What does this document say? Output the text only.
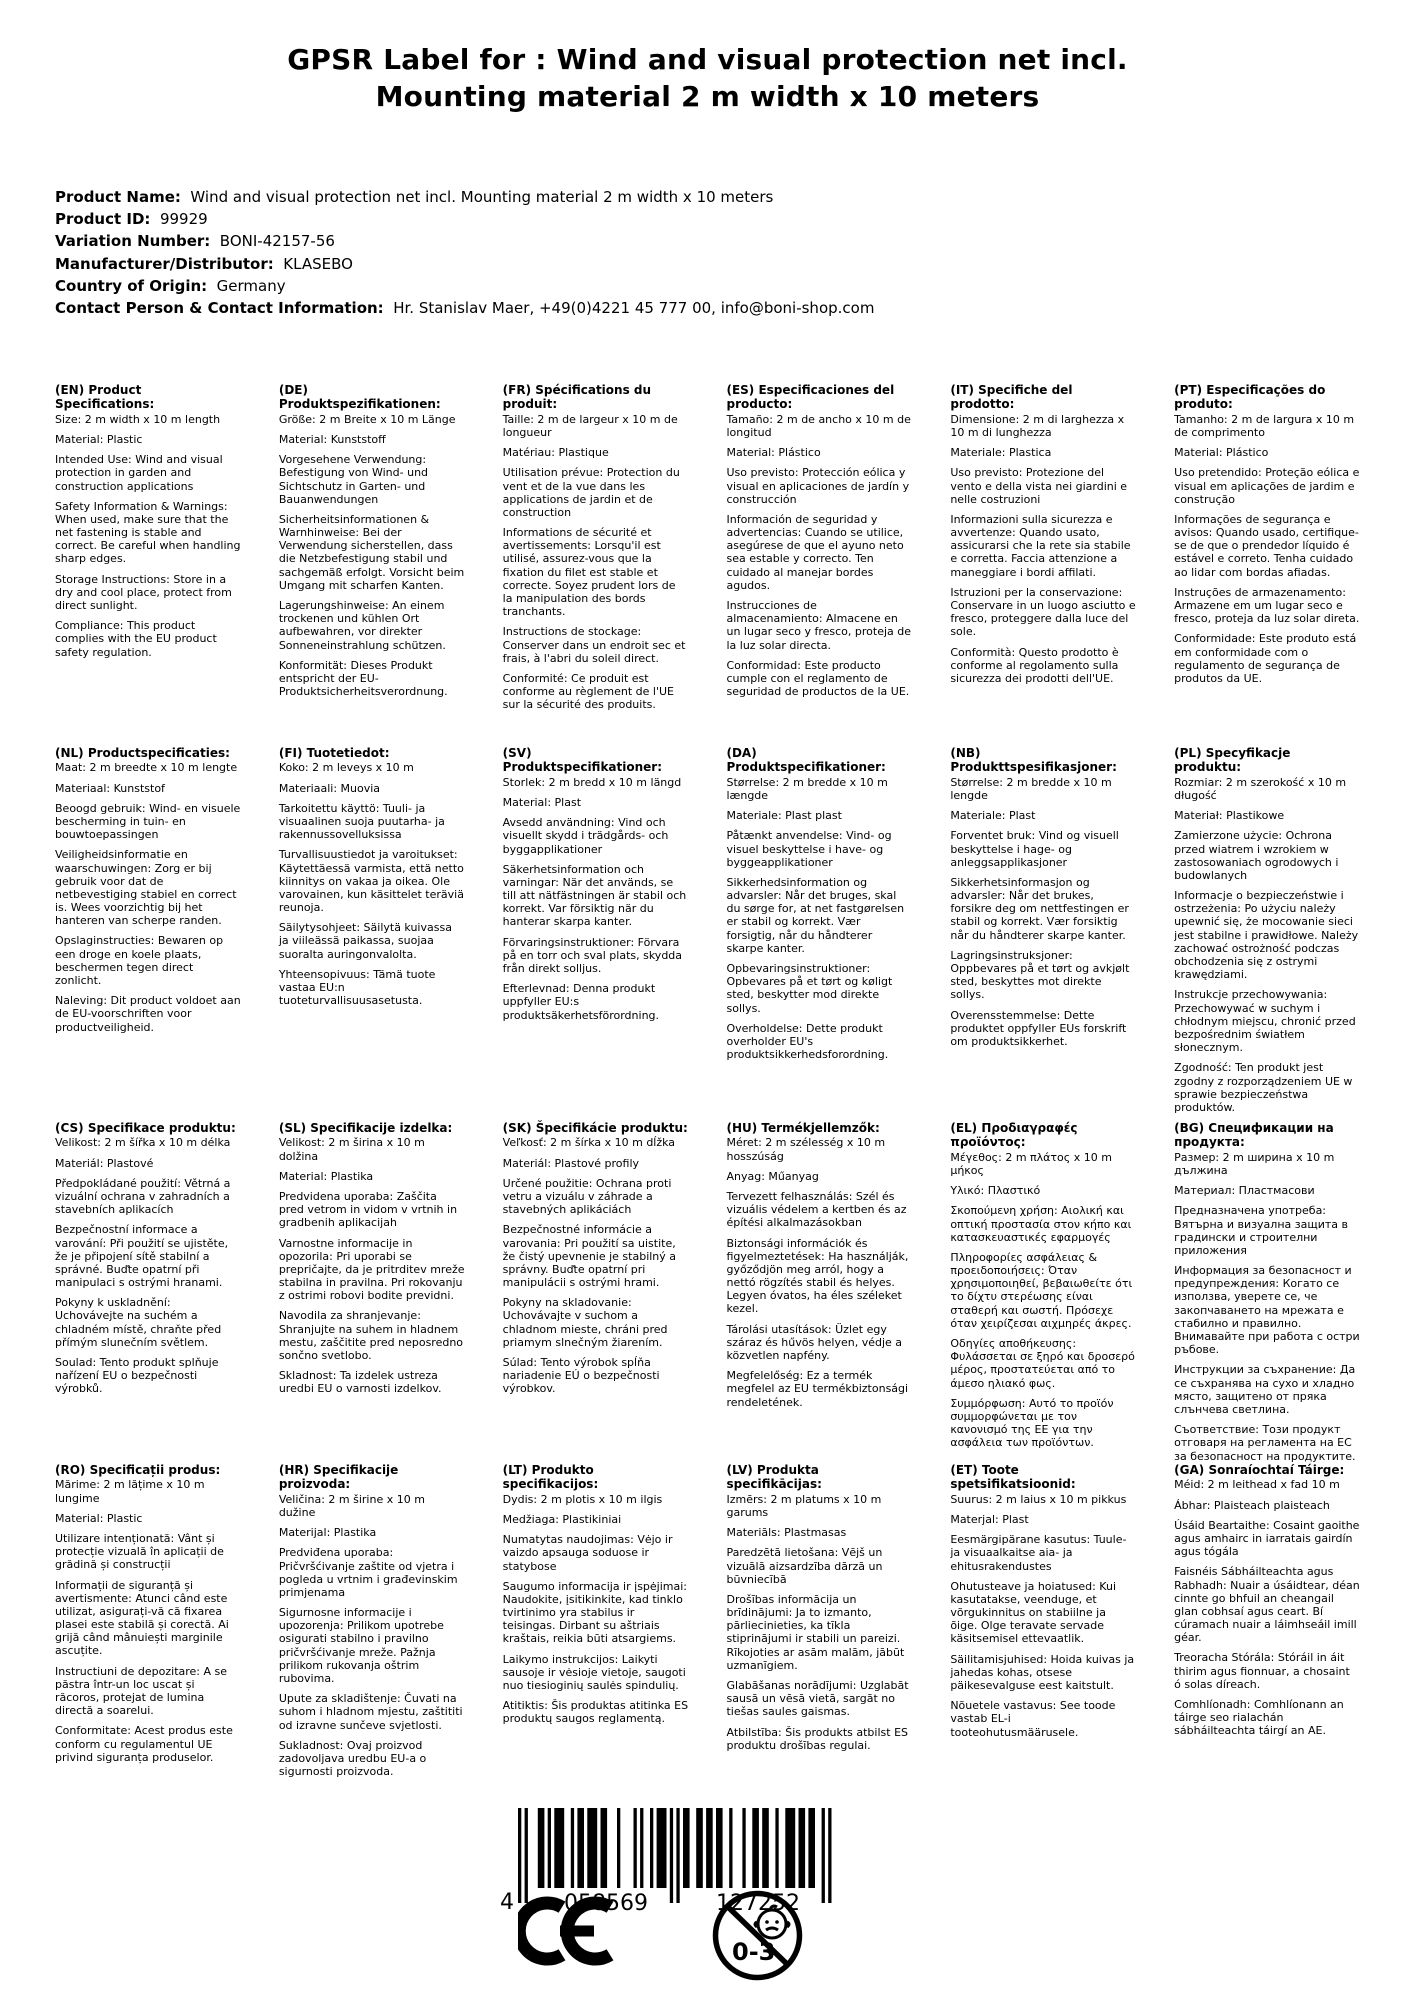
GPSR Label for : Wind and visual protection net incl. Mounting material 2 m width x 10 meters
Product Name:  Wind and visual protection net incl. Mounting material 2 m width x 10 meters
Product ID:  99929
Variation Number:  BONI-42157-56
Manufacturer/Distributor:  KLASEBO
Country of Origin:  Germany
Contact Person & Contact Information:  Hr. Stanislav Maer, +49(0)4221 45 777 00, info@boni-shop.com
(EN) Product Specifications:
Size: 2 m width x 10 m length
Material: Plastic
Intended Use: Wind and visual protection in garden and construction applications
Safety Information & Warnings: When used, make sure that the net fastening is stable and correct. Be careful when handling sharp edges.
Storage Instructions: Store in a dry and cool place, protect from direct sunlight.
Compliance: This product complies with the EU product safety regulation.
(DE) Produktspezifikationen:
Größe: 2 m Breite x 10 m Länge
Material: Kunststoff
Vorgesehene Verwendung: Befestigung von Wind- und Sichtschutz in Garten- und Bauanwendungen
Sicherheitsinformationen & Warnhinweise: Bei der Verwendung sicherstellen, dass die Netzbefestigung stabil und sachgemäß erfolgt. Vorsicht beim Umgang mit scharfen Kanten.
Lagerungshinweise: An einem trockenen und kühlen Ort aufbewahren, vor direkter Sonneneinstrahlung schützen.
Konformität: Dieses Produkt entspricht der EU-Produktsicherheitsverordnung.
(FR) Spécifications du produit:
Taille: 2 m de largeur x 10 m de longueur
Matériau: Plastique
Utilisation prévue: Protection du vent et de la vue dans les applications de jardin et de construction
Informations de sécurité et avertissements: Lorsqu'il est utilisé, assurez-vous que la fixation du filet est stable et correcte. Soyez prudent lors de la manipulation des bords tranchants.
Instructions de stockage: Conserver dans un endroit sec et frais, à l'abri du soleil direct.
Conformité: Ce produit est conforme au règlement de l'UE sur la sécurité des produits.
(ES) Especificaciones del producto:
Tamaño: 2 m de ancho x 10 m de longitud
Material: Plástico
Uso previsto: Protección eólica y visual en aplicaciones de jardín y construcción
Información de seguridad y advertencias: Cuando se utilice, asegúrese de que el ayuno neto sea estable y correcto. Ten cuidado al manejar bordes agudos.
Instrucciones de almacenamiento: Almacene en un lugar seco y fresco, proteja de la luz solar directa.
Conformidad: Este producto cumple con el reglamento de seguridad de productos de la UE.
(IT) Specifiche del prodotto:
Dimensione: 2 m di larghezza x 10 m di lunghezza
Materiale: Plastica
Uso previsto: Protezione del vento e della vista nei giardini e nelle costruzioni
Informazioni sulla sicurezza e avvertenze: Quando usato, assicurarsi che la rete sia stabile e corretta. Faccia attenzione a maneggiare i bordi affilati.
Istruzioni per la conservazione: Conservare in un luogo asciutto e fresco, proteggere dalla luce del sole.
Conformità: Questo prodotto è conforme al regolamento sulla sicurezza dei prodotti dell'UE.
(PT) Especificações do produto:
Tamanho: 2 m de largura x 10 m de comprimento
Material: Plástico
Uso pretendido: Proteção eólica e visual em aplicações de jardim e construção
Informações de segurança e avisos: Quando usado, certifique-se de que o prendedor líquido é estável e correto. Tenha cuidado ao lidar com bordas afiadas.
Instruções de armazenamento: Armazene em um lugar seco e fresco, proteja da luz solar direta.
Conformidade: Este produto está em conformidade com o regulamento de segurança de produtos da UE.
(NL) Productspecificaties:
Maat: 2 m breedte x 10 m lengte
Materiaal: Kunststof
Beoogd gebruik: Wind- en visuele bescherming in tuin- en bouwtoepassingen
Veiligheidsinformatie en waarschuwingen: Zorg er bij gebruik voor dat de netbevestiging stabiel en correct is. Wees voorzichtig bij het hanteren van scherpe randen.
Opslaginstructies: Bewaren op een droge en koele plaats, beschermen tegen direct zonlicht.
Naleving: Dit product voldoet aan de EU-voorschriften voor productveiligheid.
(FI) Tuotetiedot:
Koko: 2 m leveys x 10 m
Materiaali: Muovia
Tarkoitettu käyttö: Tuuli- ja visuaalinen suoja puutarha- ja rakennussovelluksissa
Turvallisuustiedot ja varoitukset: Käytettäessä varmista, että netto kiinnitys on vakaa ja oikea. Ole varovainen, kun käsittelet teräviä reunoja.
Säilytysohjeet: Säilytä kuivassa ja viileässä paikassa, suojaa suoralta auringonvalolta.
Yhteensopivuus: Tämä tuote vastaa EU:n tuoteturvallisuusasetusta.
(SV) Produktspecifikationer:
Storlek: 2 m bredd x 10 m längd
Material: Plast
Avsedd användning: Vind och visuellt skydd i trädgårds- och byggapplikationer
Säkerhetsinformation och varningar: När det används, se till att nätfästningen är stabil och korrekt. Var försiktig när du hanterar skarpa kanter.
Förvaringsinstruktioner: Förvara på en torr och sval plats, skydda från direkt solljus.
Efterlevnad: Denna produkt uppfyller EU:s produktsäkerhetsförordning.
(DA) Produktspecifikationer:
Størrelse: 2 m bredde x 10 m længde
Materiale: Plast plast
Påtænkt anvendelse: Vind- og visuel beskyttelse i have- og byggeapplikationer
Sikkerhedsinformation og advarsler: Når det bruges, skal du sørge for, at net fastgørelsen er stabil og korrekt. Vær forsigtig, når du håndterer skarpe kanter.
Opbevaringsinstruktioner: Opbevares på et tørt og køligt sted, beskytter mod direkte sollys.
Overholdelse: Dette produkt overholder EU's produktsikkerhedsforordning.
(NB) Produkttspesifikasjoner:
Størrelse: 2 m bredde x 10 m lengde
Materiale: Plast
Forventet bruk: Vind og visuell beskyttelse i hage- og anleggsapplikasjoner
Sikkerhetsinformasjon og advarsler: Når det brukes, forsikre deg om nettfestingen er stabil og korrekt. Vær forsiktig når du håndterer skarpe kanter.
Lagringsinstruksjoner: Oppbevares på et tørt og avkjølt sted, beskyttes mot direkte sollys.
Overensstemmelse: Dette produktet oppfyller EUs forskrift om produktsikkerhet.
(PL) Specyfikacje produktu:
Rozmiar: 2 m szerokość x 10 m długość
Materiał: Plastikowe
Zamierzone użycie: Ochrona przed wiatrem i wzrokiem w zastosowaniach ogrodowych i budowlanych
Informacje o bezpieczeństwie i ostrzeżenia: Po użyciu należy upewnić się, że mocowanie sieci jest stabilne i prawidłowe. Należy zachować ostrożność podczas obchodzenia się z ostrymi krawędziami.
Instrukcje przechowywania: Przechowywać w suchym i chłodnym miejscu, chronić przed bezpośrednim światłem słonecznym.
Zgodność: Ten produkt jest zgodny z rozporządzeniem UE w sprawie bezpieczeństwa produktów.
(CS) Specifikace produktu:
Velikost: 2 m šířka x 10 m délka
Materiál: Plastové
Předpokládané použití: Větrná a vizuální ochrana v zahradních a stavebních aplikacích
Bezpečnostní informace a varování: Při použití se ujistěte, že je připojení sítě stabilní a správné. Buďte opatrní při manipulaci s ostrými hranami.
Pokyny k uskladnění: Uchovávejte na suchém a chladném místě, chraňte před přímým slunečním světlem.
Soulad: Tento produkt splňuje nařízení EU o bezpečnosti výrobků.
(SL) Specifikacije izdelka:
Velikost: 2 m širina x 10 m dolžina
Material: Plastika
Predvidena uporaba: Zaščita pred vetrom in vidom v vrtnih in gradbenih aplikacijah
Varnostne informacije in opozorila: Pri uporabi se prepričajte, da je pritrditev mreže stabilna in pravilna. Pri rokovanju z ostrimi robovi bodite previdni.
Navodila za shranjevanje: Shranjujte na suhem in hladnem mestu, zaščitite pred neposredno sončno svetlobo.
Skladnost: Ta izdelek ustreza uredbi EU o varnosti izdelkov.
(SK) Špecifikácie produktu:
Veľkosť: 2 m šírka x 10 m dĺžka
Materiál: Plastové profily
Určené použitie: Ochrana proti vetru a vizuálu v záhrade a stavebných aplikáciách
Bezpečnostné informácie a varovania: Pri použití sa uistite, že čistý upevnenie je stabilný a správny. Buďte opatrní pri manipulácii s ostrými hrami.
Pokyny na skladovanie: Uchovávajte v suchom a chladnom mieste, chráni pred priamym slnečným žiarením.
Súlad: Tento výrobok spĺňa nariadenie EÚ o bezpečnosti výrobkov.
(HU) Termékjellemzők:
Méret: 2 m szélesség x 10 m hosszúság
Anyag: Műanyag
Tervezett felhasználás: Szél és vizuális védelem a kertben és az építési alkalmazásokban
Biztonsági információk és figyelmeztetések: Ha használják, győződjön meg arról, hogy a nettó rögzítés stabil és helyes. Legyen óvatos, ha éles széleket kezel.
Tárolási utasítások: Üzlet egy száraz és hűvös helyen, védje a közvetlen napfény.
Megfelelőség: Ez a termék megfelel az EU termékbiztonsági rendeletének.
(EL) Προδιαγραφές προϊόντος:
Μέγεθος: 2 m πλάτος x 10 m μήκος
Υλικό: Πλαστικό
Σκοπούμενη χρήση: Αιολική και οπτική προστασία στον κήπο και κατασκευαστικές εφαρμογές
Πληροφορίες ασφάλειας & προειδοποιήσεις: Όταν χρησιμοποιηθεί, βεβαιωθείτε ότι το δίχτυ στερέωσης είναι σταθερή και σωστή. Πρόσεχε όταν χειρίζεσαι αιχμηρές άκρες.
Οδηγίες αποθήκευσης: Φυλάσσεται σε ξηρό και δροσερό μέρος, προστατεύεται από το άμεσο ηλιακό φως.
Συμμόρφωση: Αυτό το προϊόν συμμορφώνεται με τον κανονισμό της ΕΕ για την ασφάλεια των προϊόντων.
(BG) Спецификации на продукта:
Размер: 2 m ширина x 10 m дължина
Материал: Пластмасови
Предназначена употреба: Вятърна и визуална защита в градински и строителни приложения
Информация за безопасност и предупреждения: Когато се използва, уверете се, че закопчаването на мрежата е стабилно и правилно. Внимавайте при работа с остри ръбове.
Инструкции за съхранение: Да се съхранява на сухо и хладно място, защитено от пряка слънчева светлина.
Съответствие: Този продукт отговаря на регламента на ЕС за безопасност на продуктите.
(RO) Specificații produs:
Mărime: 2 m lățime x 10 m lungime
Material: Plastic
Utilizare intenționată: Vânt și protecție vizuală în aplicații de grădină și construcții
Informații de siguranță și avertismente: Atunci când este utilizat, asigurați-vă că fixarea plasei este stabilă și corectă. Ai grijă când mânuiești marginile ascuțite.
Instructiuni de depozitare: A se păstra într-un loc uscat și răcoros, protejat de lumina directă a soarelui.
Conformitate: Acest produs este conform cu regulamentul UE privind siguranța produselor.
(HR) Specifikacije proizvoda:
Veličina: 2 m širine x 10 m dužine
Materijal: Plastika
Predviđena uporaba: Pričvršćivanje zaštite od vjetra i pogleda u vrtnim i građevinskim primjenama
Sigurnosne informacije i upozorenja: Prilikom upotrebe osigurati stabilno i pravilno pričvršćivanje mreže. Pažnja prilikom rukovanja oštrim rubovima.
Upute za skladištenje: Čuvati na suhom i hladnom mjestu, zaštititi od izravne sunčeve svjetlosti.
Sukladnost: Ovaj proizvod zadovoljava uredbu EU-a o sigurnosti proizvoda.
(LT) Produkto specifikacijos:
Dydis: 2 m plotis x 10 m ilgis
Medžiaga: Plastikiniai
Numatytas naudojimas: Vėjo ir vaizdo apsauga soduose ir statybose
Saugumo informacija ir įspėjimai: Naudokite, įsitikinkite, kad tinklo tvirtinimo yra stabilus ir teisingas. Dirbant su aštriais kraštais, reikia būti atsargiems.
Laikymo instrukcijos: Laikyti sausoje ir vėsioje vietoje, saugoti nuo tiesioginių saulės spindulių.
Atitiktis: Šis produktas atitinka ES produktų saugos reglamentą.
(LV) Produkta specifikācijas:
Izmērs: 2 m platums x 10 m garums
Materiāls: Plastmasas
Paredzētā lietošana: Vējš un vizuālā aizsardzība dārzā un būvniecībā
Drošības informācija un brīdinājumi: Ja to izmanto, pārliecinieties, ka tīkla stiprinājumi ir stabili un pareizi. Rīkojoties ar asām malām, jābūt uzmanīgiem.
Glabāšanas norādījumi: Uzglabāt sausā un vēsā vietā, sargāt no tiešas saules gaismas.
Atbilstība: Šis produkts atbilst ES produktu drošības regulai.
(ET) Toote spetsifikatsioonid:
Suurus: 2 m laius x 10 m pikkus
Materjal: Plast
Eesmärgipärane kasutus: Tuule- ja visuaalkaitse aia- ja ehitusrakendustes
Ohutusteave ja hoiatused: Kui kasutatakse, veenduge, et võrgukinnitus on stabiilne ja õige. Olge teravate servade käsitsemisel ettevaatlik.
Säilitamisjuhised: Hoida kuivas ja jahedas kohas, otsese päikesevalguse eest kaitstult.
Nõuetele vastavus: See toode vastab EL-i tooteohutusmäärusele.
(GA) Sonraíochtaí Táirge:
Méid: 2 m leithead x fad 10 m
Ábhar: Plaisteach plaisteach
Úsáid Beartaithe: Cosaint gaoithe agus amhairc in iarratais gairdín agus tógála
Faisnéis Sábháilteachta agus Rabhadh: Nuair a úsáidtear, déan cinnte go bhfuil an cheangail glan cobhsaí agus ceart. Bí cúramach nuair a láimhseáil imill géar.
Treoracha Stórála: Stóráil in áit thirim agus fionnuar, a chosaint ó solas díreach.
Comhlíonadh: Comhlíonann an táirge seo rialachán sábháilteachta táirgí an AE.
4 058569	127252
0-3
